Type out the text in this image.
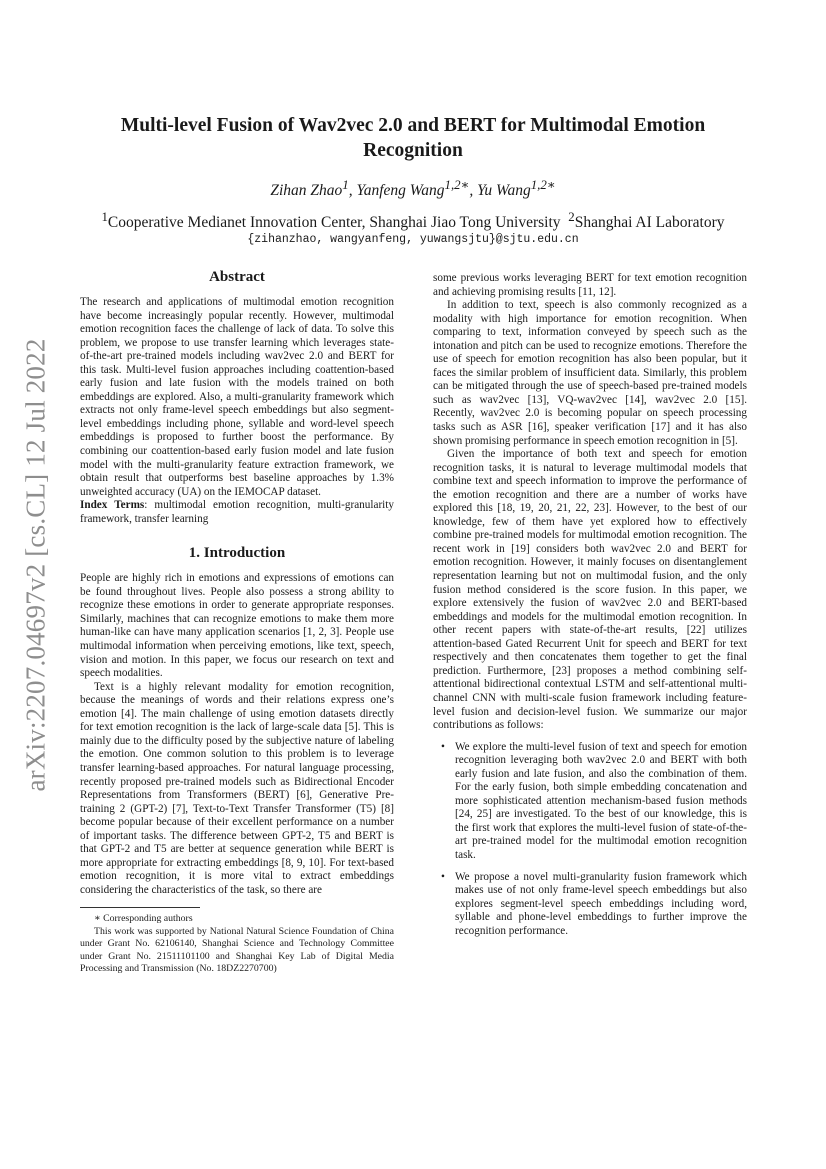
arXiv:2207.04697v2 [cs.CL] 12 Jul 2022
Multi-level Fusion of Wav2vec 2.0 and BERT for Multimodal Emotion Recognition

Zihan Zhao$^1$, Yanfeng Wang$^{1,2∗}$, Yu Wang$^{1,2∗}$

$^1$Cooperative Medianet Innovation Center, Shanghai Jiao Tong University $^2$Shanghai AI Laboratory

{zihanzhao, wangyanfeng, yuwangsjtu}@sjtu.edu.cn

Abstract

The research and applications of multimodal emotion recognition have become increasingly popular recently. However, multimodal emotion recognition faces the challenge of lack of data. To solve this problem, we propose to use transfer learning which leverages state-of-the-art pre-trained models including wav2vec 2.0 and BERT for this task. Multi-level fusion approaches including coattention-based early fusion and late fusion with the models trained on both embeddings are explored. Also, a multi-granularity framework which extracts not only frame-level speech embeddings but also segment-level embeddings including phone, syllable and word-level speech embeddings is proposed to further boost the performance. By combining our coattention-based early fusion model and late fusion model with the multi-granularity feature extraction framework, we obtain result that outperforms best baseline approaches by 1.3% unweighted accuracy (UA) on the IEMOCAP dataset.

Index Terms: multimodal emotion recognition, multi-granularity framework, transfer learning

1. Introduction

People are highly rich in emotions and expressions of emotions can be found throughout lives. People also possess a strong ability to recognize these emotions in order to generate appropriate responses. Similarly, machines that can recognize emotions to make them more human-like can have many application scenarios [1, 2, 3]. People use multimodal information when perceiving emotions, like text, speech, vision and motion. In this paper, we focus our research on text and speech modalities.

Text is a highly relevant modality for emotion recognition, because the meanings of words and their relations express one’s emotion [4]. The main challenge of using emotion datasets directly for text emotion recognition is the lack of large-scale data [5]. This is mainly due to the difficulty posed by the subjective nature of labeling the emotion. One common solution to this problem is to leverage transfer learning-based approaches. For natural language processing, recently proposed pre-trained models such as Bidirectional Encoder Representations from Transformers (BERT) [6], Generative Pre-training 2 (GPT-2) [7], Text-to-Text Transfer Transformer (T5) [8] become popular because of their excellent performance on a number of important tasks. The difference between GPT-2, T5 and BERT is that GPT-2 and T5 are better at sequence generation while BERT is more appropriate for extracting embeddings [8, 9, 10]. For text-based emotion recognition, it is more vital to extract embeddings considering the characteristics of the task, so there are

∗ Corresponding authors

This work was supported by National Natural Science Foundation of China under Grant No. 62106140, Shanghai Science and Technology Committee under Grant No. 21511101100 and Shanghai Key Lab of Digital Media Processing and Transmission (No. 18DZ2270700)

some previous works leveraging BERT for text emotion recognition and achieving promising results [11, 12].

In addition to text, speech is also commonly recognized as a modality with high importance for emotion recognition. When comparing to text, information conveyed by speech such as the intonation and pitch can be used to recognize emotions. Therefore the use of speech for emotion recognition has also been popular, but it faces the similar problem of insufficient data. Similarly, this problem can be mitigated through the use of speech-based pre-trained models such as wav2vec [13], VQ-wav2vec [14], wav2vec 2.0 [15]. Recently, wav2vec 2.0 is becoming popular on speech processing tasks such as ASR [16], speaker verification [17] and it has also shown promising performance in speech emotion recognition in [5].

Given the importance of both text and speech for emotion recognition tasks, it is natural to leverage multimodal models that combine text and speech information to improve the performance of the emotion recognition and there are a number of works have explored this [18, 19, 20, 21, 22, 23]. However, to the best of our knowledge, few of them have yet explored how to effectively combine pre-trained models for multimodal emotion recognition. The recent work in [19] considers both wav2vec 2.0 and BERT for emotion recognition. However, it mainly focuses on disentanglement representation learning but not on multimodal fusion, and the only fusion method considered is the score fusion. In this paper, we explore extensively the fusion of wav2vec 2.0 and BERT-based embeddings and models for the multimodal emotion recognition. In other recent papers with state-of-the-art results, [22] utilizes attention-based Gated Recurrent Unit for speech and BERT for text respectively and then concatenates them together to get the final prediction. Furthermore, [23] proposes a method combining self-attentional bidirectional contextual LSTM and self-attentional multi-channel CNN with multi-scale fusion framework including feature-level fusion and decision-level fusion. We summarize our major contributions as follows:

• We explore the multi-level fusion of text and speech for emotion recognition leveraging both wav2vec 2.0 and BERT with both early fusion and late fusion, and also the combination of them. For the early fusion, both simple embedding concatenation and more sophisticated attention mechanism-based fusion methods [24, 25] are investigated. To the best of our knowledge, this is the first work that explores the multi-level fusion of state-of-the-art pre-trained model for the multimodal emotion recognition task.
• We propose a novel multi-granularity fusion framework which makes use of not only frame-level speech embeddings but also explores segment-level speech embeddings including word, syllable and phone-level embeddings to further improve the recognition performance.
